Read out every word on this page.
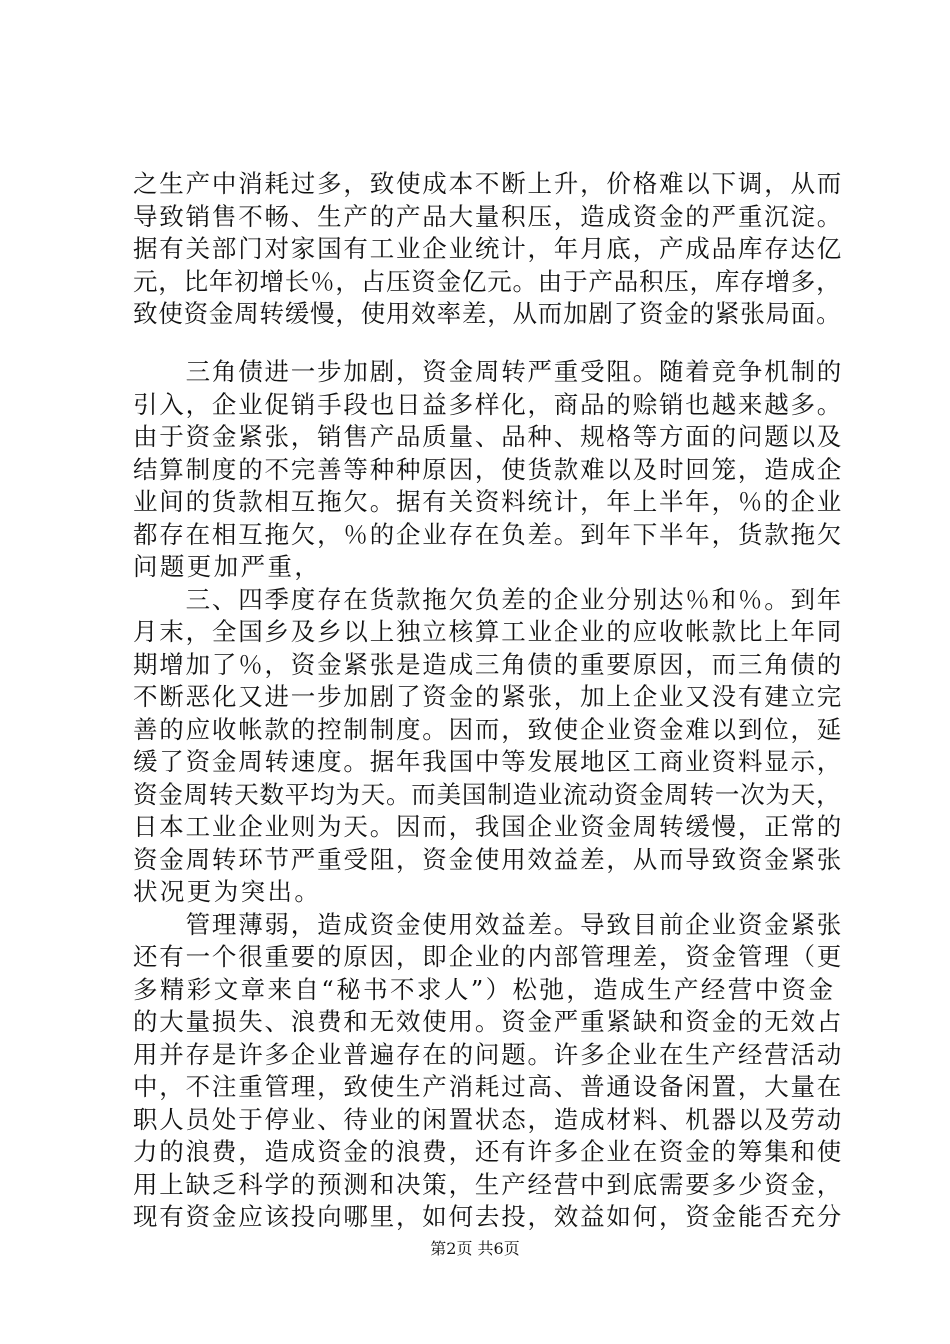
之生产中消耗过多，致使成本不断上升，价格难以下调，从而
导致销售不畅、生产的产品大量积压，造成资金的严重沉淀。
据有关部门对家国有工业企业统计，年月底，产成品库存达亿
元，比年初增长％，占压资金亿元。由于产品积压，库存增多，
致使资金周转缓慢，使用效率差，从而加剧了资金的紧张局面。
　　三角债进一步加剧，资金周转严重受阻。随着竞争机制的
引入，企业促销手段也日益多样化，商品的赊销也越来越多。
由于资金紧张，销售产品质量、品种、规格等方面的问题以及
结算制度的不完善等种种原因，使货款难以及时回笼，造成企
业间的货款相互拖欠。据有关资料统计，年上半年，％的企业
都存在相互拖欠，％的企业存在负差。到年下半年，货款拖欠
问题更加严重，
　　三、四季度存在货款拖欠负差的企业分别达％和％。到年
月末，全国乡及乡以上独立核算工业企业的应收帐款比上年同
期增加了％，资金紧张是造成三角债的重要原因，而三角债的
不断恶化又进一步加剧了资金的紧张，加上企业又没有建立完
善的应收帐款的控制制度。因而，致使企业资金难以到位，延
缓了资金周转速度。据年我国中等发展地区工商业资料显示，
资金周转天数平均为天。而美国制造业流动资金周转一次为天，
日本工业企业则为天。因而，我国企业资金周转缓慢，正常的
资金周转环节严重受阻，资金使用效益差，从而导致资金紧张
状况更为突出。
　　管理薄弱，造成资金使用效益差。导致目前企业资金紧张
还有一个很重要的原因，即企业的内部管理差，资金管理（更
多精彩文章来自“秘书不求人”）松弛，造成生产经营中资金
的大量损失、浪费和无效使用。资金严重紧缺和资金的无效占
用并存是许多企业普遍存在的问题。许多企业在生产经营活动
中，不注重管理，致使生产消耗过高、普通设备闲置，大量在
职人员处于停业、待业的闲置状态，造成材料、机器以及劳动
力的浪费，造成资金的浪费，还有许多企业在资金的筹集和使
用上缺乏科学的预测和决策，生产经营中到底需要多少资金，
现有资金应该投向哪里，如何去投，效益如何，资金能否充分
第2页 共6页
